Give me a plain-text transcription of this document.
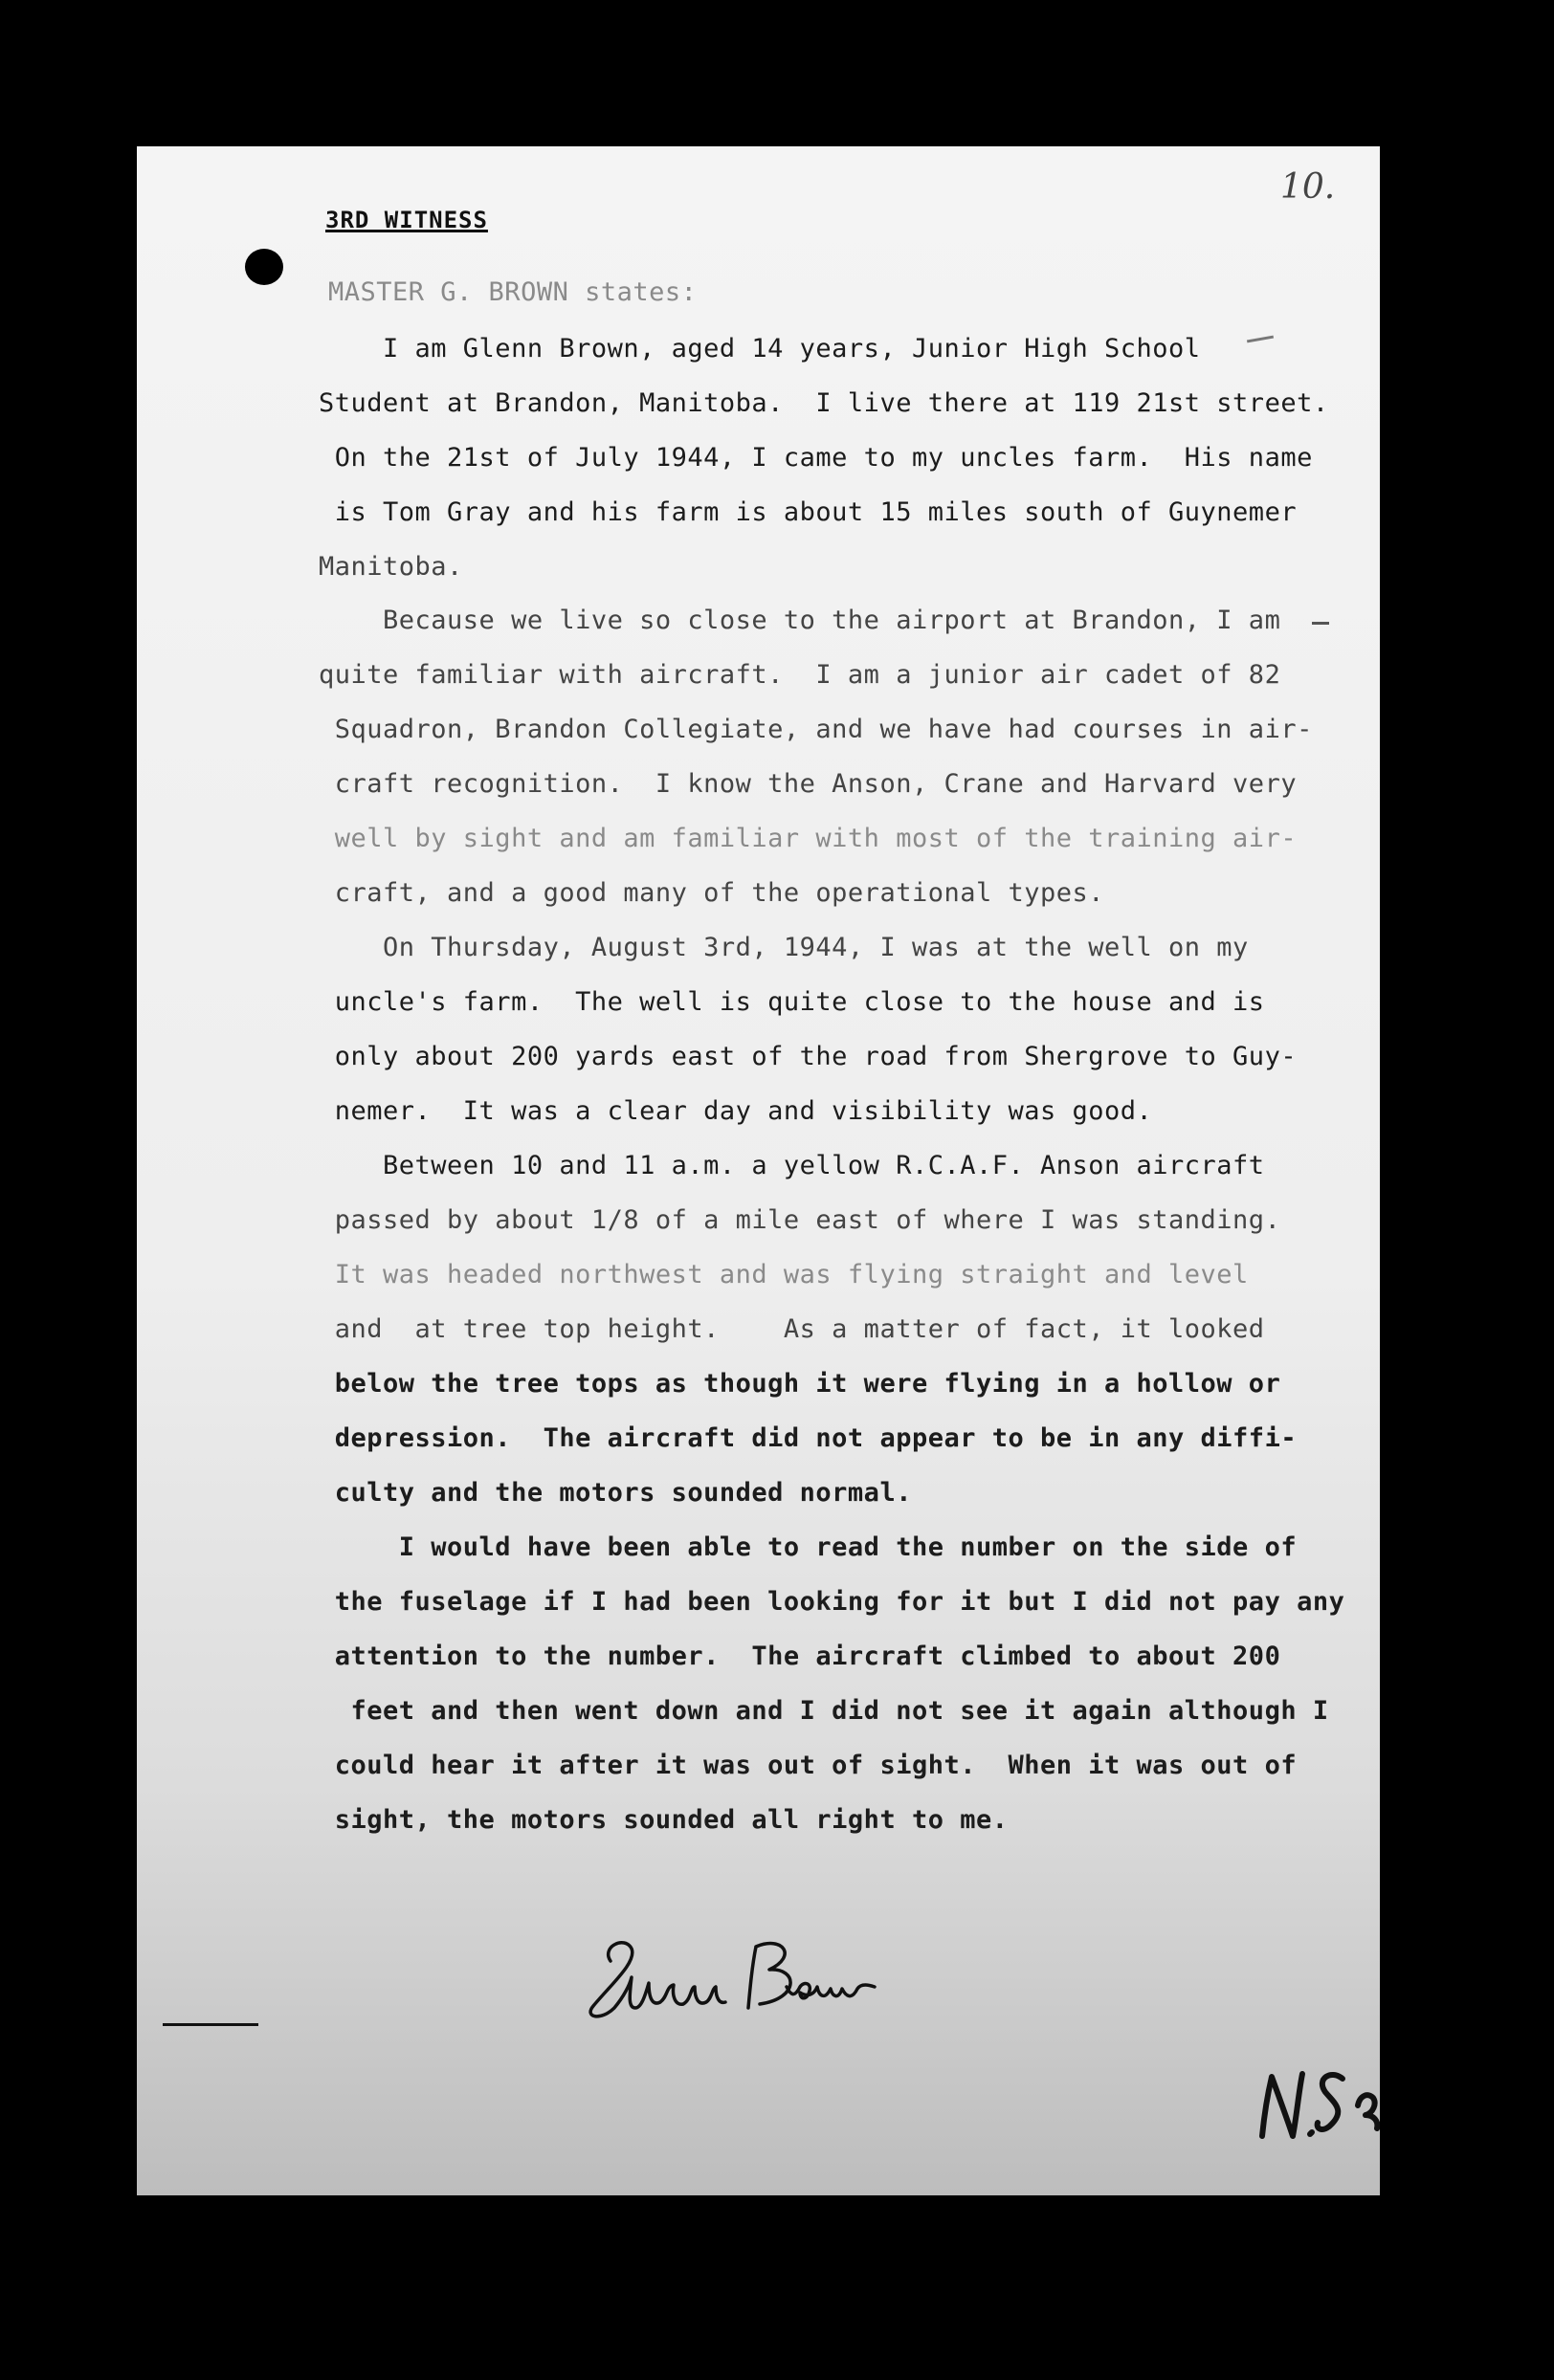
10.
3RD WITNESS
MASTER G. BROWN states:
I am Glenn Brown, aged 14 years, Junior High School
Student at Brandon, Manitoba.  I live there at 119 21st street.
On the 21st of July 1944, I came to my uncles farm.  His name
is Tom Gray and his farm is about 15 miles south of Guynemer
Manitoba.
Because we live so close to the airport at Brandon, I am
quite familiar with aircraft.  I am a junior air cadet of 82
Squadron, Brandon Collegiate, and we have had courses in air-
craft recognition.  I know the Anson, Crane and Harvard very
well by sight and am familiar with most of the training air-
craft, and a good many of the operational types.
On Thursday, August 3rd, 1944, I was at the well on my
uncle's farm.  The well is quite close to the house and is
only about 200 yards east of the road from Shergrove to Guy-
nemer.  It was a clear day and visibility was good.
Between 10 and 11 a.m. a yellow R.C.A.F. Anson aircraft
passed by about 1/8 of a mile east of where I was standing.
It was headed northwest and was flying straight and level
and  at tree top height.    As a matter of fact, it looked
below the tree tops as though it were flying in a hollow or
depression.  The aircraft did not appear to be in any diffi-
culty and the motors sounded normal.
I would have been able to read the number on the side of
the fuselage if I had been looking for it but I did not pay any
attention to the number.  The aircraft climbed to about 200
feet and then went down and I did not see it again although I
could hear it after it was out of sight.  When it was out of
sight, the motors sounded all right to me.
